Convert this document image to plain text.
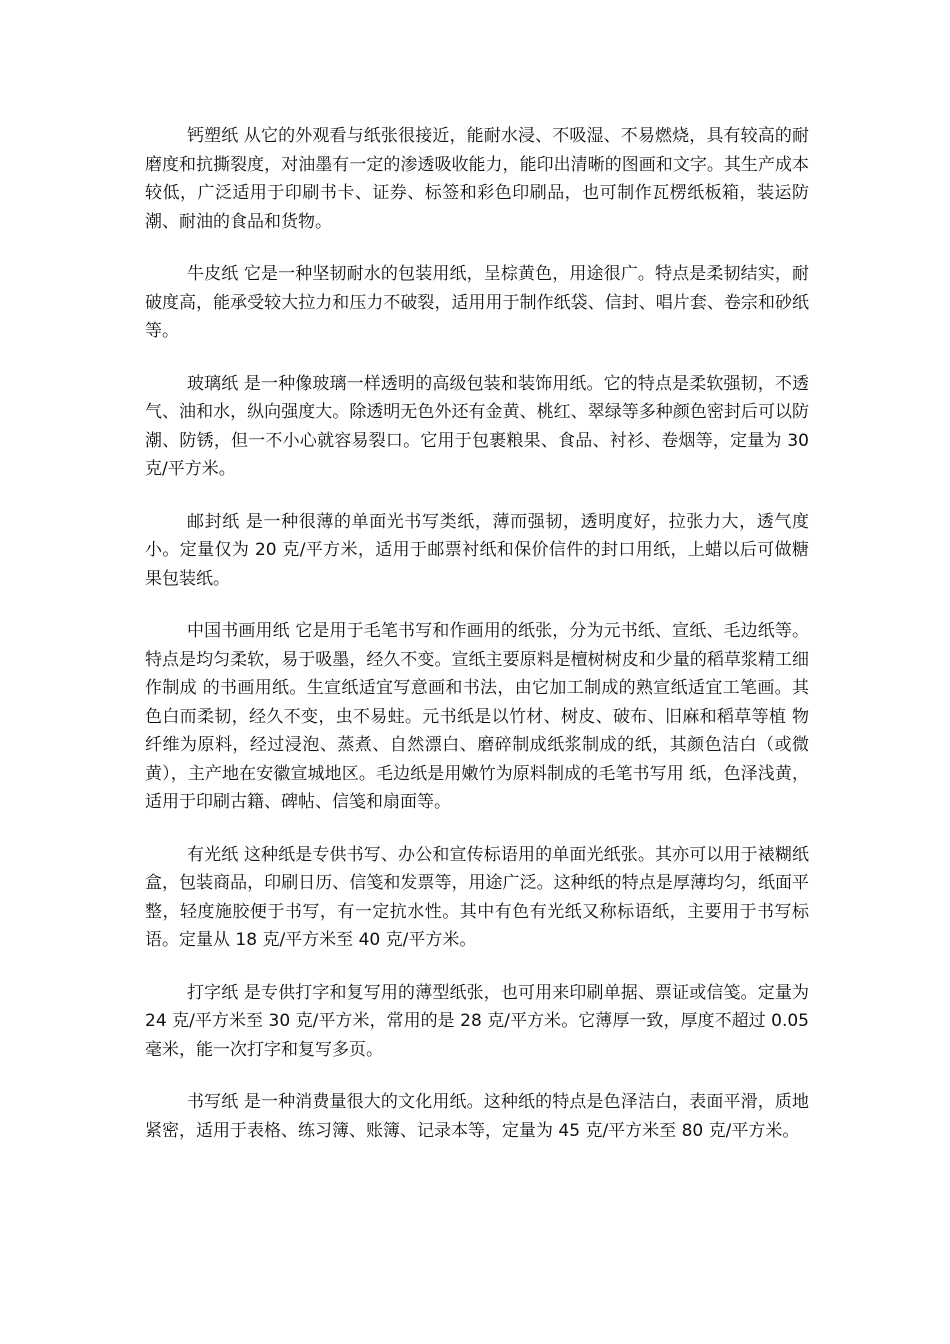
钙塑纸 从它的外观看与纸张很接近，能耐水浸、不吸湿、不易燃烧，具有较高的耐磨度和抗撕裂度，对油墨有一定的渗透吸收能力，能印出清晰的图画和文字。其生产成本较低，广泛适用于印刷书卡、证券、标签和彩色印刷品，也可制作瓦楞纸板箱，装运防潮、耐油的食品和货物。

牛皮纸 它是一种坚韧耐水的包装用纸，呈棕黄色，用途很广。特点是柔韧结实，耐破度高，能承受较大拉力和压力不破裂，适用用于制作纸袋、信封、唱片套、卷宗和砂纸等。

玻璃纸 是一种像玻璃一样透明的高级包装和装饰用纸。它的特点是柔软强韧，不透气、油和水，纵向强度大。除透明无色外还有金黄、桃红、翠绿等多种颜色密封后可以防潮、防锈，但一不小心就容易裂口。它用于包裹粮果、食品、衬衫、卷烟等，定量为 30 克/平方米。

邮封纸 是一种很薄的单面光书写类纸，薄而强韧，透明度好，拉张力大，透气度小。定量仅为 20 克/平方米，适用于邮票衬纸和保价信件的封口用纸，上蜡以后可做糖果包装纸。

中国书画用纸 它是用于毛笔书写和作画用的纸张，分为元书纸、宣纸、毛边纸等。特点是均匀柔软，易于吸墨，经久不变。宣纸主要原料是檀树树皮和少量的稻草浆精工细作制成 的书画用纸。生宣纸适宜写意画和书法，由它加工制成的熟宣纸适宜工笔画。其色白而柔韧，经久不变，虫不易蛀。元书纸是以竹材、树皮、破布、旧麻和稻草等植 物纤维为原料，经过浸泡、蒸煮、自然漂白、磨碎制成纸浆制成的纸，其颜色洁白（或微黄），主产地在安徽宣城地区。毛边纸是用嫩竹为原料制成的毛笔书写用 纸，色泽浅黄，适用于印刷古籍、碑帖、信笺和扇面等。

有光纸 这种纸是专供书写、办公和宣传标语用的单面光纸张。其亦可以用于裱糊纸盒，包装商品，印刷日历、信笺和发票等，用途广泛。这种纸的特点是厚薄均匀，纸面平 整，轻度施胶便于书写，有一定抗水性。其中有色有光纸又称标语纸，主要用于书写标语。定量从 18 克/平方米至 40 克/平方米。

打字纸 是专供打字和复写用的薄型纸张，也可用来印刷单据、票证或信笺。定量为 24 克/平方米至 30 克/平方米，常用的是 28 克/平方米。它薄厚一致，厚度不超过 0.05 毫米，能一次打字和复写多页。

书写纸 是一种消费量很大的文化用纸。这种纸的特点是色泽洁白，表面平滑，质地紧密，适用于表格、练习簿、账簿、记录本等，定量为 45 克/平方米至 80 克/平方米。
